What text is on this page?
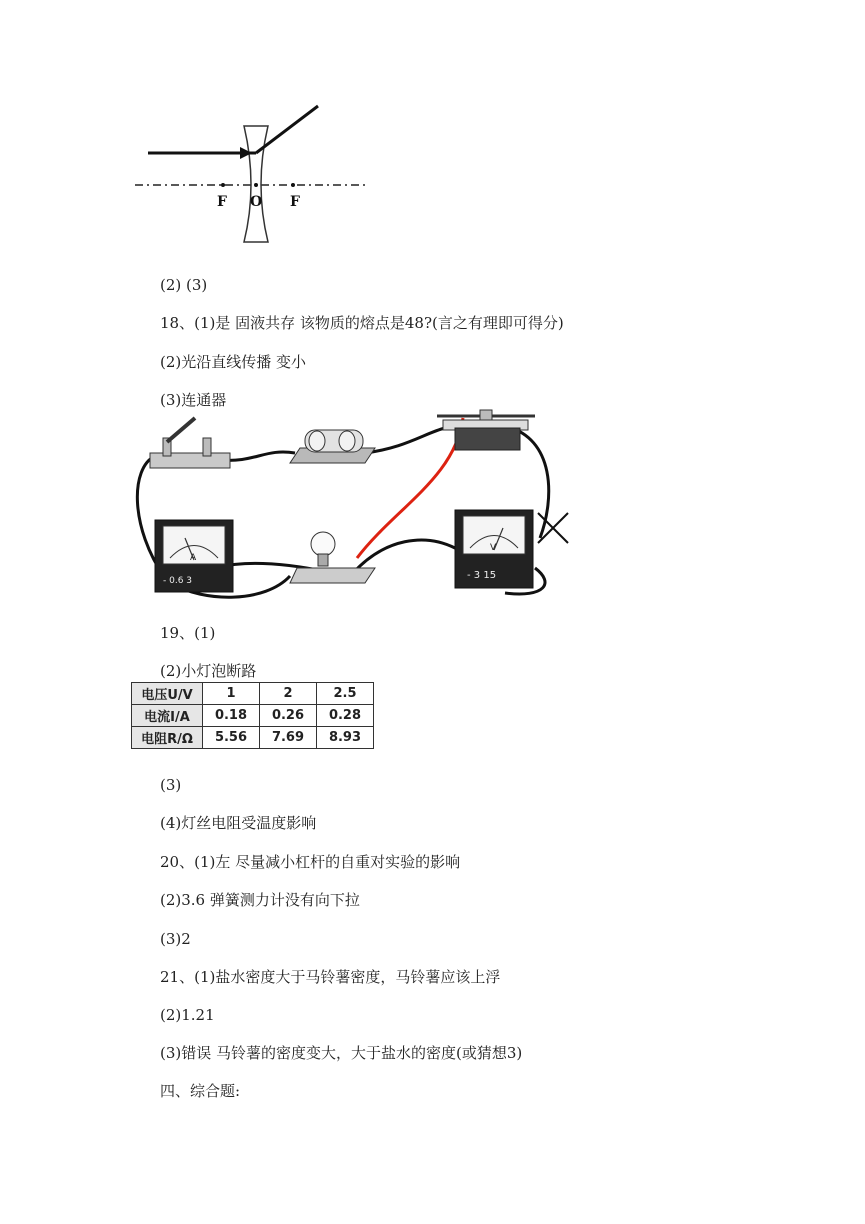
F O F
(2) (3)
18、(1)是 固液共存 该物质的熔点是48?(言之有理即可得分)
(2)光沿直线传播 变小
(3)连通器
A
- 0.6 3
V
- 3 15
19、(1)
(2)小灯泡断路
电压U/V	1	2	2.5
电流I/A	0.18	0.26	0.28
电阻R/Ω	5.56	7.69	8.93
(3)
(4)灯丝电阻受温度影响
20、(1)左 尽量减小杠杆的自重对实验的影响
(2)3.6 弹簧测力计没有向下拉
(3)2
21、(1)盐水密度大于马铃薯密度，马铃薯应该上浮
(2)1.21
(3)错误 马铃薯的密度变大，大于盐水的密度(或猜想3)
四、综合题:
